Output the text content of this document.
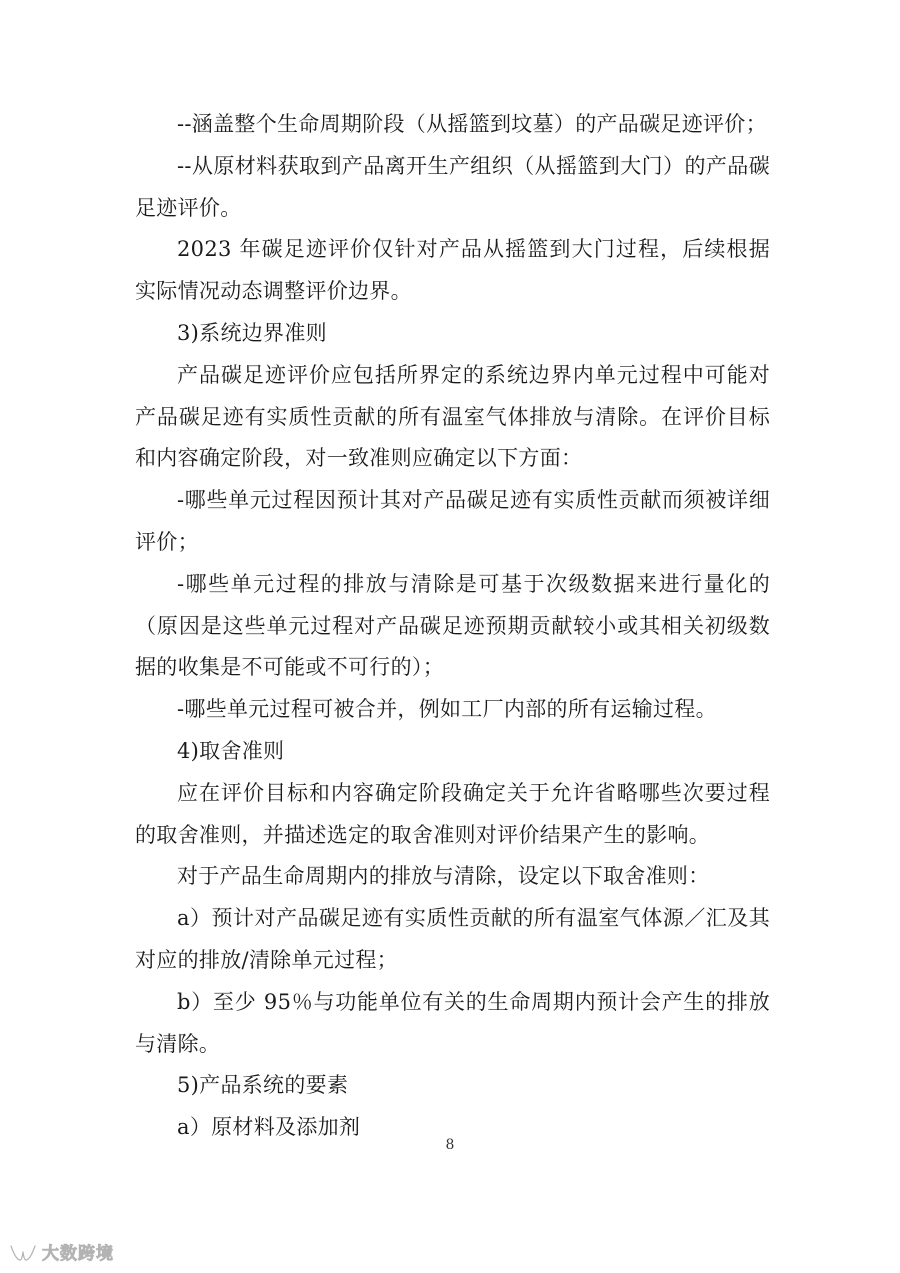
--涵盖整个生命周期阶段（从摇篮到坟墓）的产品碳足迹评价；

--从原材料获取到产品离开生产组织（从摇篮到大门）的产品碳足迹评价。

2023 年碳足迹评价仅针对产品从摇篮到大门过程，后续根据实际情况动态调整评价边界。

3)系统边界准则

产品碳足迹评价应包括所界定的系统边界内单元过程中可能对产品碳足迹有实质性贡献的所有温室气体排放与清除。在评价目标和内容确定阶段，对一致准则应确定以下方面：

-哪些单元过程因预计其对产品碳足迹有实质性贡献而须被详细评价；

-哪些单元过程的排放与清除是可基于次级数据来进行量化的（原因是这些单元过程对产品碳足迹预期贡献较小或其相关初级数据的收集是不可能或不可行的）；

-哪些单元过程可被合并，例如工厂内部的所有运输过程。

4)取舍准则

应在评价目标和内容确定阶段确定关于允许省略哪些次要过程的取舍准则，并描述选定的取舍准则对评价结果产生的影响。

对于产品生命周期内的排放与清除，设定以下取舍准则：

a）预计对产品碳足迹有实质性贡献的所有温室气体源／汇及其对应的排放/清除单元过程；

b）至少 95％与功能单位有关的生命周期内预计会产生的排放与清除。

5)产品系统的要素

a）原材料及添加剂

8
大数跨境
